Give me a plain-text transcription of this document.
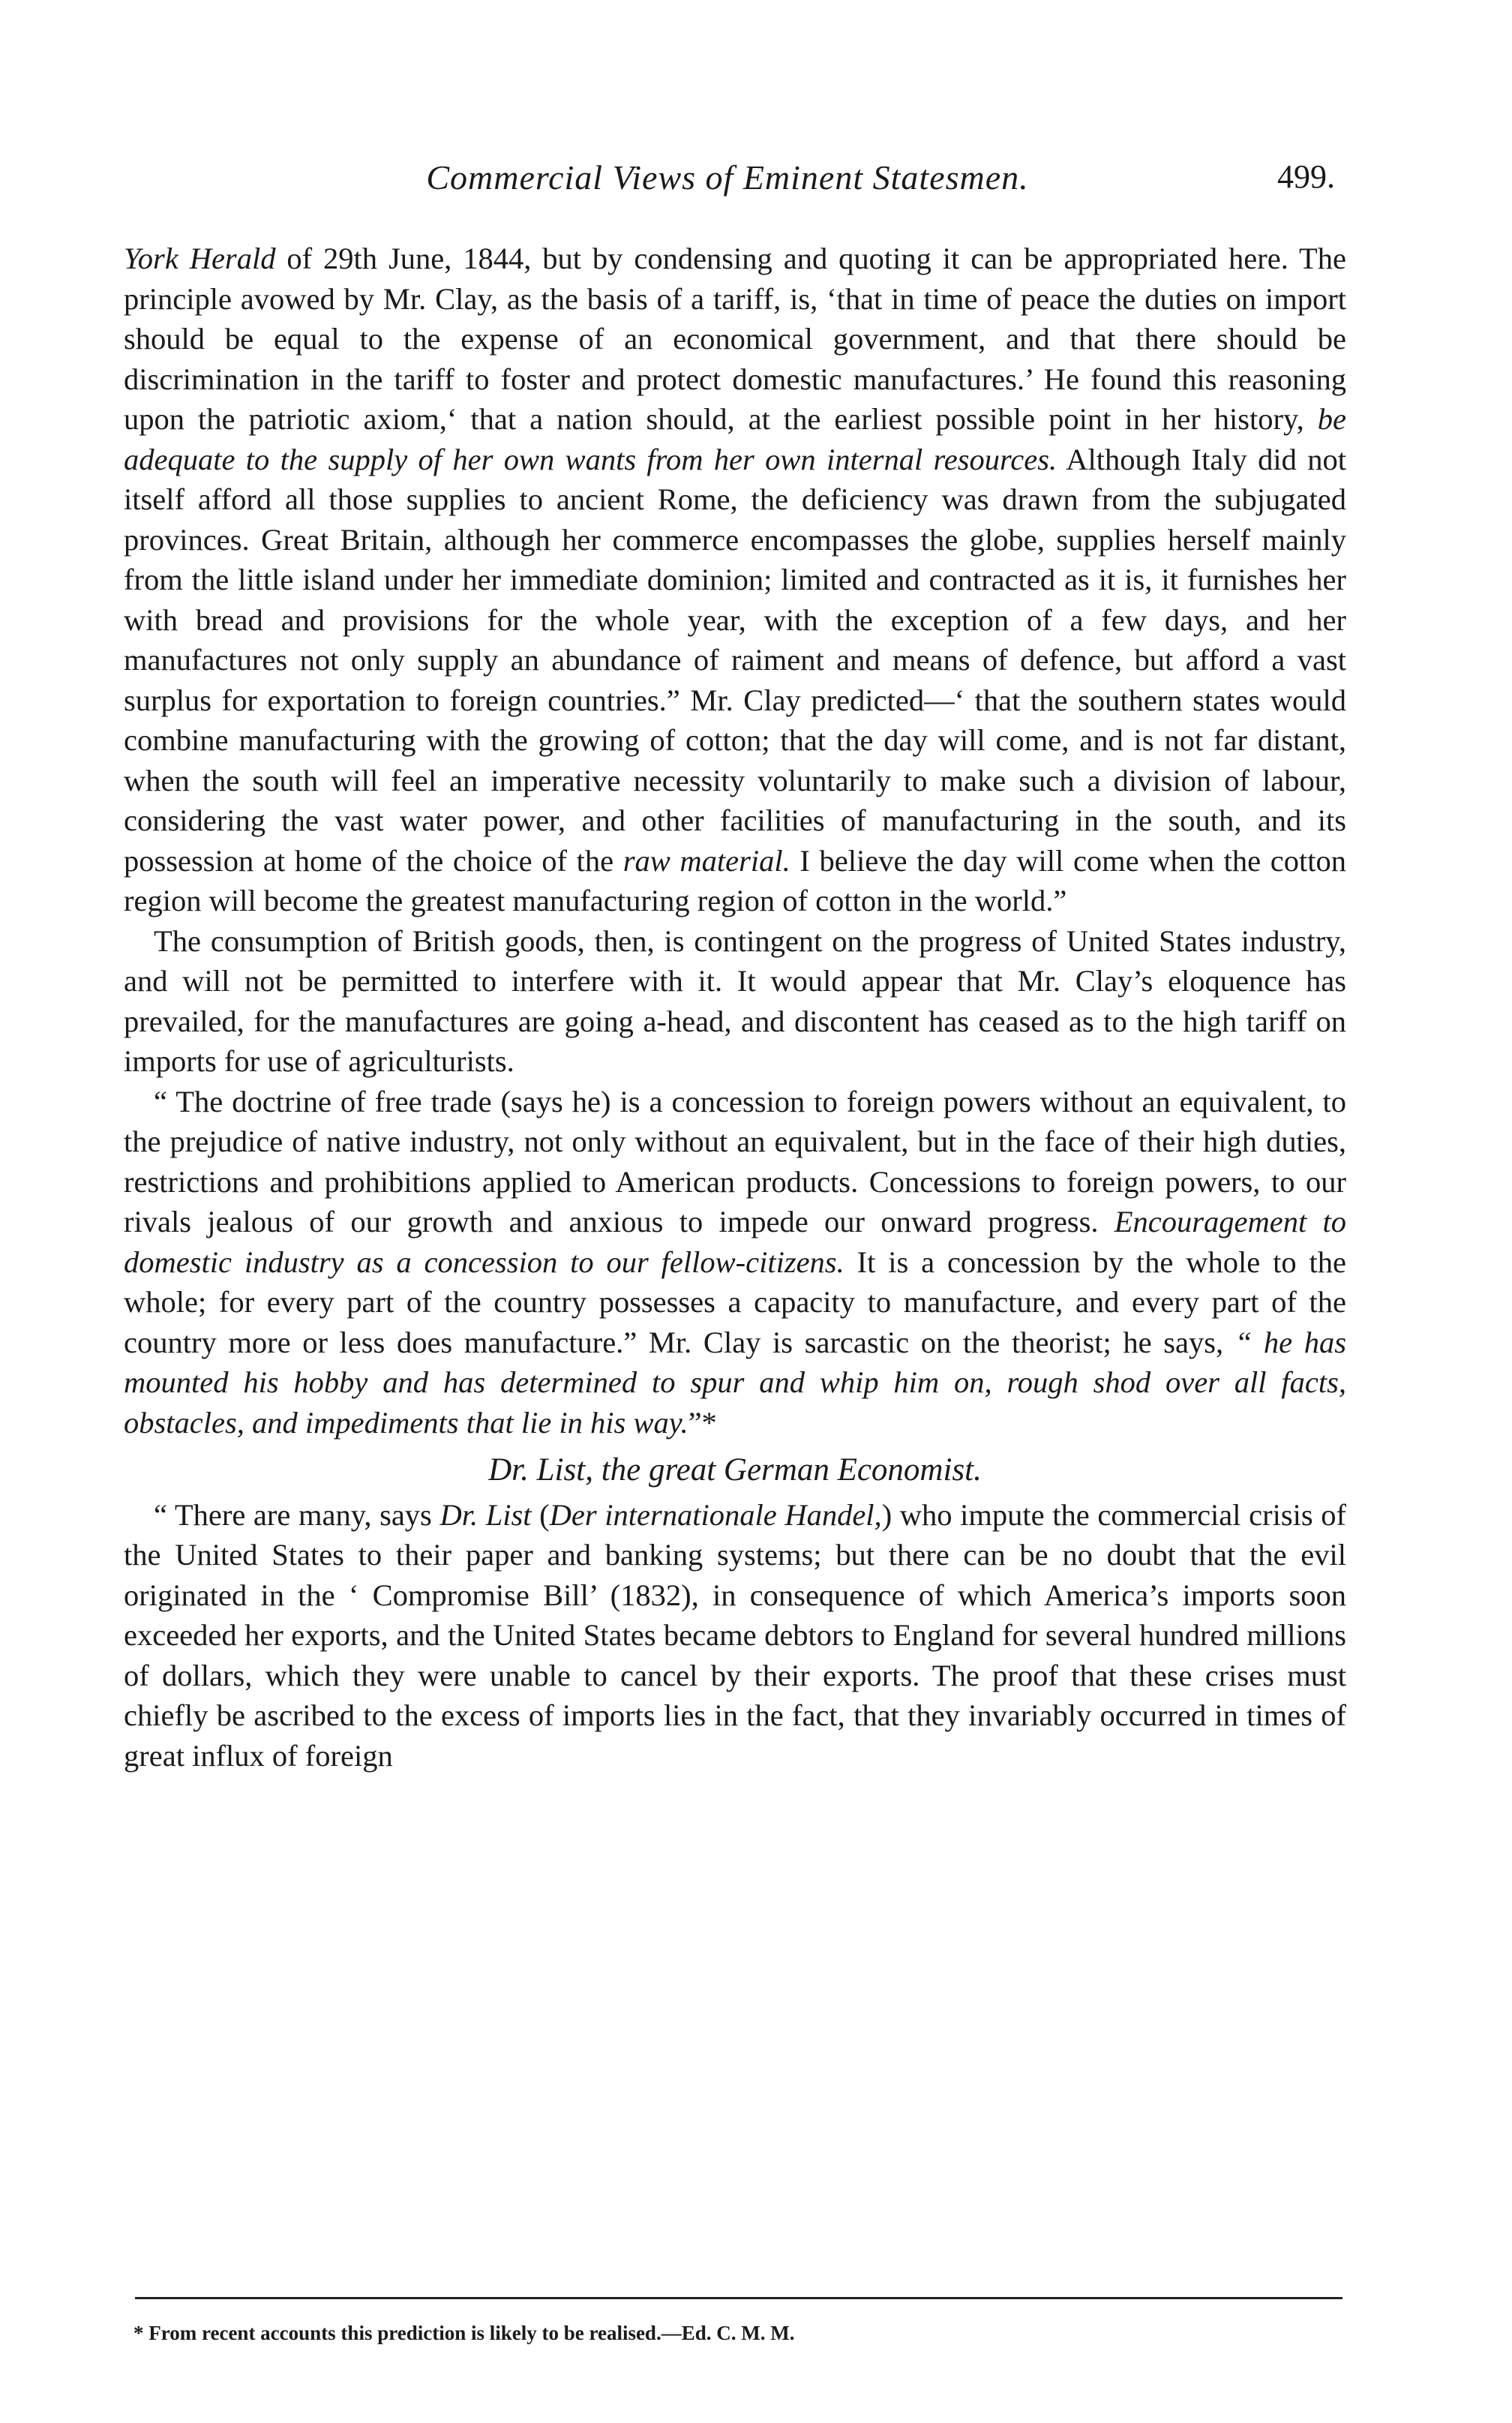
Commercial Views of Eminent Statesmen.	499.

York Herald of 29th June, 1844, but by condensing and quoting it can be appropriated here. The principle avowed by Mr. Clay, as the basis of a tariff, is, ‘that in time of peace the duties on import should be equal to the expense of an economical government, and that there should be discrimination in the tariff to foster and protect domestic manufactures.’ He found this reasoning upon the patriotic axiom,‘ that a nation should, at the earliest possible point in her history, be adequate to the supply of her own wants from her own internal resources. Although Italy did not itself afford all those supplies to ancient Rome, the deficiency was drawn from the subjugated provinces. Great Britain, although her commerce encompasses the globe, supplies herself mainly from the little island under her immediate dominion; limited and contracted as it is, it furnishes her with bread and provisions for the whole year, with the exception of a few days, and her manufactures not only supply an abundance of raiment and means of defence, but afford a vast surplus for exportation to foreign countries.” Mr. Clay predicted—‘ that the southern states would combine manufacturing with the growing of cotton; that the day will come, and is not far distant, when the south will feel an imperative necessity voluntarily to make such a division of labour, considering the vast water power, and other facilities of manufacturing in the south, and its possession at home of the choice of the raw material. I believe the day will come when the cotton region will become the greatest manufacturing region of cotton in the world.”

The consumption of British goods, then, is contingent on the progress of United States industry, and will not be permitted to interfere with it. It would appear that Mr. Clay’s eloquence has prevailed, for the manufactures are going a-head, and discontent has ceased as to the high tariff on imports for use of agriculturists.

“ The doctrine of free trade (says he) is a concession to foreign powers without an equivalent, to the prejudice of native industry, not only without an equivalent, but in the face of their high duties, restrictions and prohibitions applied to American products. Concessions to foreign powers, to our rivals jealous of our growth and anxious to impede our onward progress. Encouragement to domestic industry as a concession to our fellow-citizens. It is a concession by the whole to the whole; for every part of the country possesses a capacity to manufacture, and every part of the country more or less does manufacture.” Mr. Clay is sarcastic on the theorist; he says, “ he has mounted his hobby and has determined to spur and whip him on, rough shod over all facts, obstacles, and impediments that lie in his way.”*

Dr. List, the great German Economist.

“ There are many, says Dr. List (Der internationale Handel,) who impute the commercial crisis of the United States to their paper and banking systems; but there can be no doubt that the evil originated in the ‘ Compromise Bill’ (1832), in consequence of which America’s imports soon exceeded her exports, and the United States became debtors to England for several hundred millions of dollars, which they were unable to cancel by their exports. The proof that these crises must chiefly be ascribed to the excess of imports lies in the fact, that they invariably occurred in times of great influx of foreign

* From recent accounts this prediction is likely to be realised.—Ed. C. M. M.
